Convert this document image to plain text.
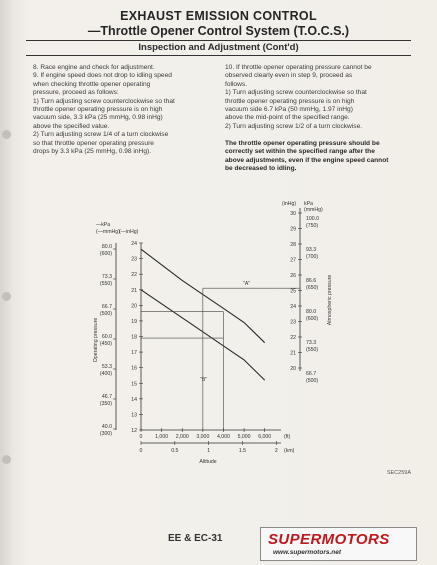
EXHAUST EMISSION CONTROL
—Throttle Opener Control System (T.O.C.S.)
Inspection and Adjustment (Cont'd)
8. Race engine and check for adjustment.
9. If engine speed does not drop to idling speed
when checking throttle opener operating
pressure, proceed as follows:
1) Turn adjusting screw counterclockwise so that
throttle opener operating pressure is on high
vacuum side, 3.3 kPa (25 mmHg, 0.98 inHg)
above the specified value.
2) Turn adjusting screw 1/4 of a turn clockwise
so that throttle opener operating pressure
drops by 3.3 kPa (25 mmHg, 0.98 inHg).
10. If throttle opener operating pressure cannot be
observed clearly even in step 9, proceed as
follows.
1) Turn adjusting screw counterclockwise so that
throttle opener operating pressure is on high
vacuum side 6.7 kPa (50 mmHg, 1.97 inHg)
above the mid-point of the specified range.
2) Turn adjusting screw 1/2 of a turn clockwise.
The throttle opener operating pressure should be
correctly set within the specified range after the
above adjustments, even if the engine speed cannot
be decreased to idling.
—kPa
(—mmHg) (—inHg)
80.0
(600)
73.3
(550)
66.7
(500)
60.0
(450)
53.3
(400)
46.7
(350)
40.0
(300)
24
23
22
21
20
19
18
17
16
15
14
13
12
(inHg) kPa
(mmHg)
30
29
28
27
26
25
24
23
22
21
20
100.0
(750)
93.3
(700)
86.6
(650)
80.0
(600)
73.3
(550)
66.7
(500)
0 1,000 2,000 3,000 4,000 5,000 6,000 (ft)
0	0.5	1	1.5	2 (km)
Altitude
Operating pressure
Atmospheric pressure
"A"
"B"
SEC259A
EE & EC-31	SUPERMOTORS
www.supermotors.net
